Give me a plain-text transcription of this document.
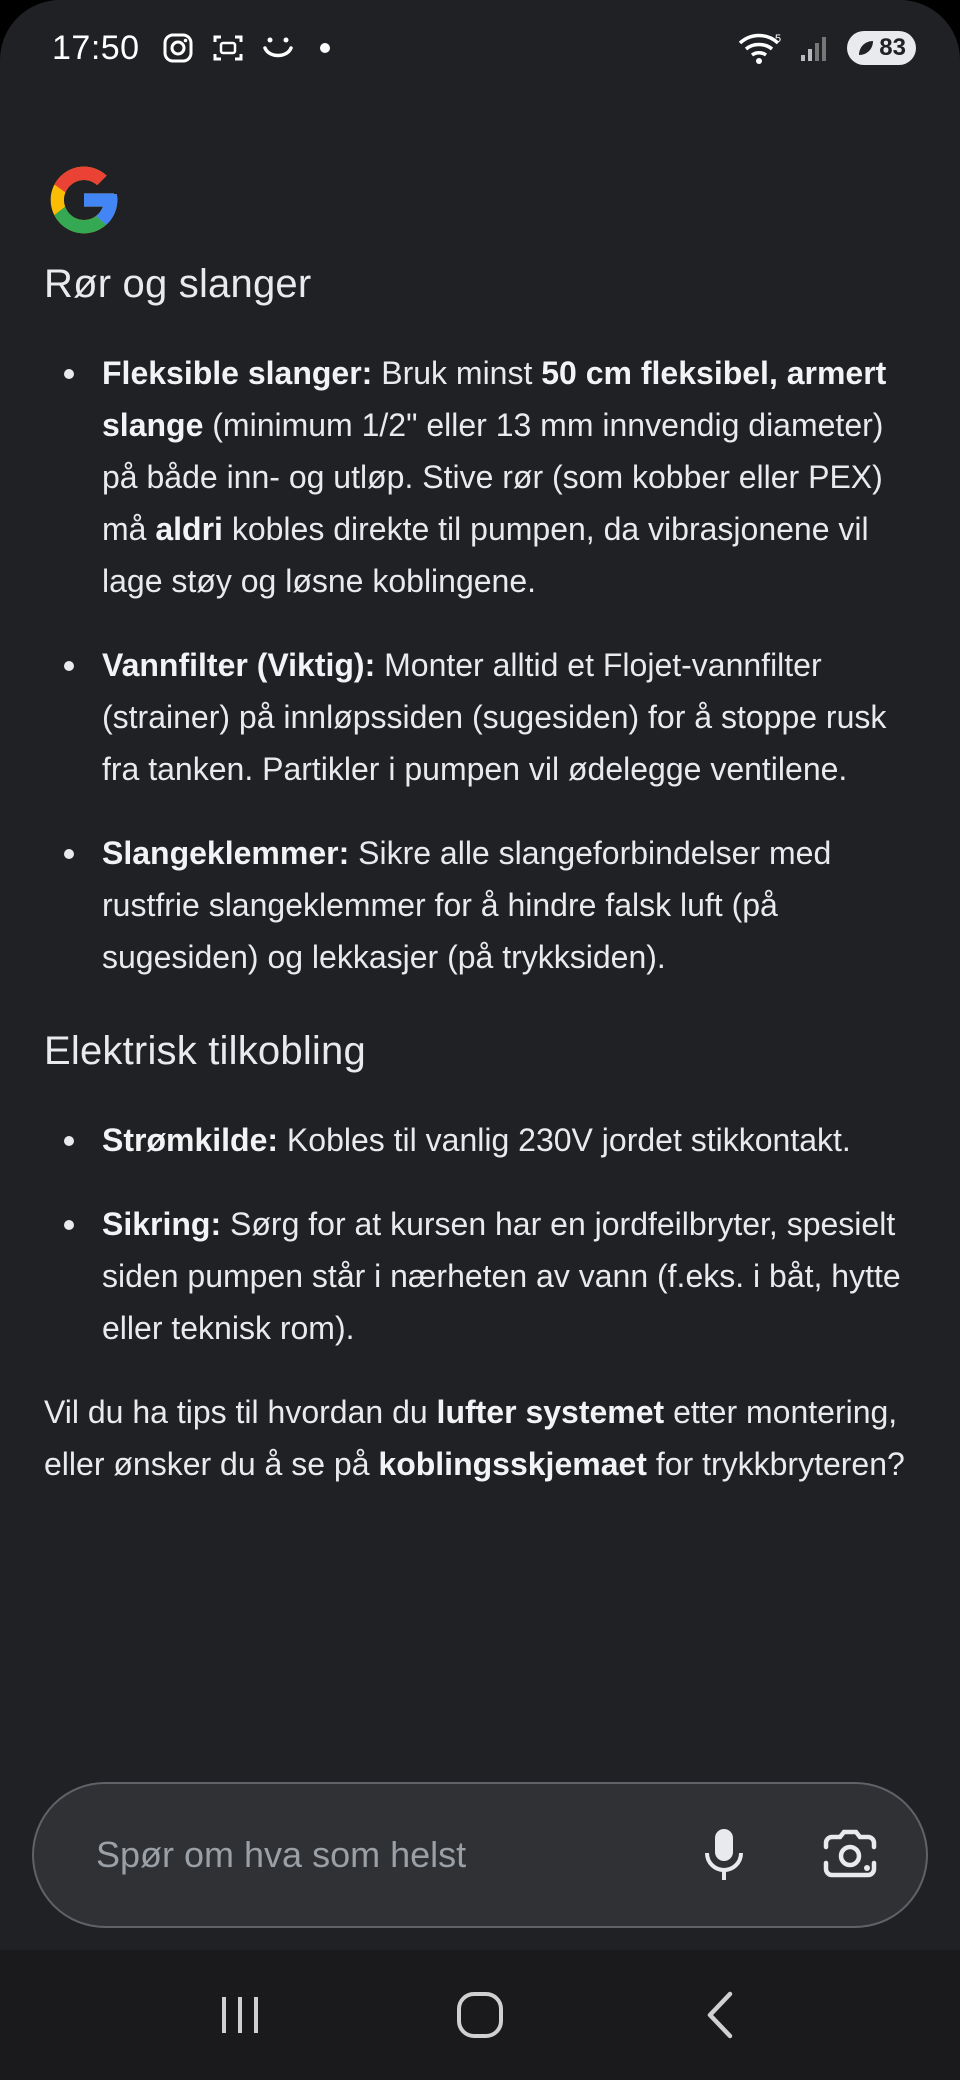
17:50	5	83
Rør og slanger
Fleksible slanger: Bruk minst 50 cm fleksibel, armert slange (minimum 1/2" eller 13 mm innvendig diameter) på både inn- og utløp. Stive rør (som kobber eller PEX) må aldri kobles direkte til pumpen, da vibrasjonene vil lage støy og løsne koblingene.
Vannfilter (Viktig): Monter alltid et Flojet-vannfilter (strainer) på innløpssiden (sugesiden) for å stoppe rusk fra tanken. Partikler i pumpen vil ødelegge ventilene.
Slangeklemmer: Sikre alle slangeforbindelser med rustfrie slangeklemmer for å hindre falsk luft (på sugesiden) og lekkasjer (på trykksiden).
Elektrisk tilkobling
Strømkilde: Kobles til vanlig 230V jordet stikkontakt.
Sikring: Sørg for at kursen har en jordfeilbryter, spesielt siden pumpen står i nærheten av vann (f.eks. i båt, hytte eller teknisk rom).

Vil du ha tips til hvordan du lufter systemet etter montering, eller ønsker du å se på koblingsskjemaet for trykkbryteren?

Spør om hva som helst
